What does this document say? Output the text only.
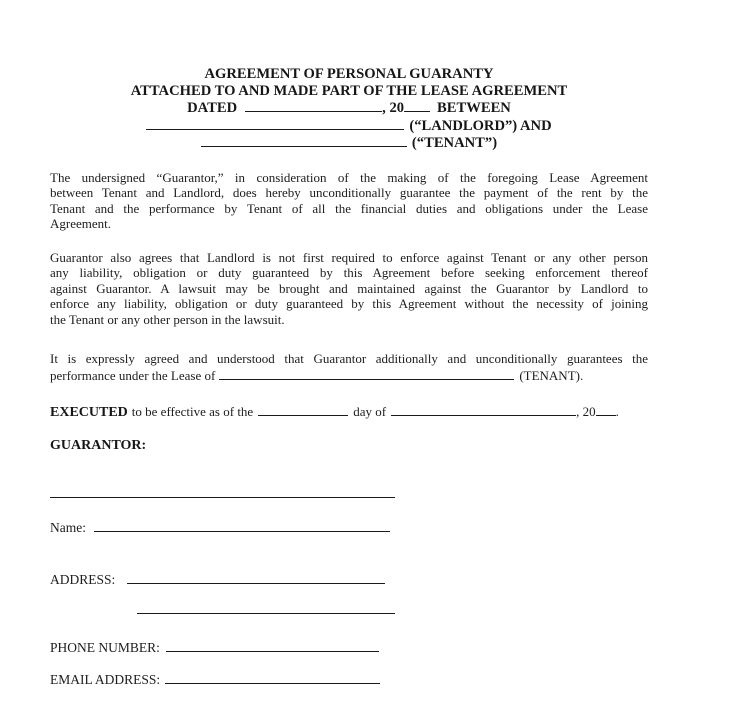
AGREEMENT OF PERSONAL GUARANTY
ATTACHED TO AND MADE PART OF THE LEASE AGREEMENT
DATED	, 20 BETWEEN
(“LANDLORD”) AND
(“TENANT”)
The undersigned “Guarantor,” in consideration of the making of the foregoing Lease Agreement
between Tenant and Landlord, does hereby unconditionally guarantee the payment of the rent by the
Tenant and the performance by Tenant of all the financial duties and obligations under the Lease
Agreement.
Guarantor also agrees that Landlord is not first required to enforce against Tenant or any other person
any liability, obligation or duty guaranteed by this Agreement before seeking enforcement thereof
against Guarantor. A lawsuit may be brought and maintained against the Guarantor by Landlord to
enforce any liability, obligation or duty guaranteed by this Agreement without the necessity of joining
the Tenant or any other person in the lawsuit.
It is expressly agreed and understood that Guarantor additionally and unconditionally guarantees the
performance under the Lease of	(TENANT).
EXECUTED to be effective as of the	day of	, 20 .
GUARANTOR:
Name:
ADDRESS:
PHONE NUMBER:
EMAIL ADDRESS:
